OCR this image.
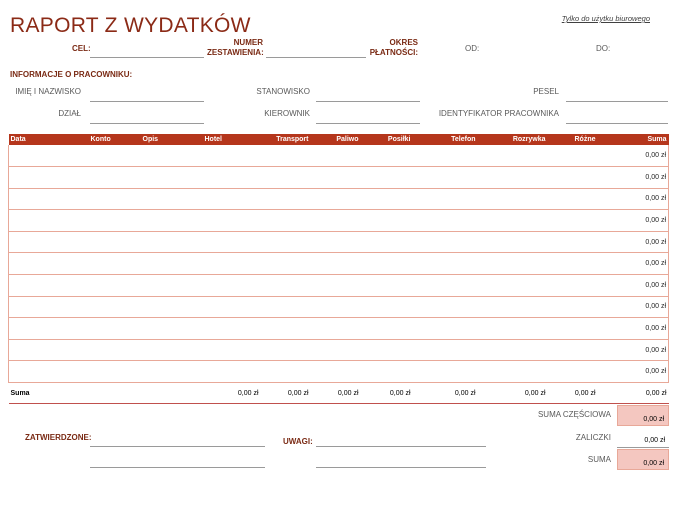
RAPORT Z WYDATKÓW	Tylko do użytku biurowego
CEL:
NUMER
ZESTAWIENIA:
OKRES
PŁATNOŚCI:	OD:	DO:
INFORMACJE O PRACOWNIKU:
IMIĘ I NAZWISKO	STANOWISKO	PESEL
DZIAŁ	KIEROWNIK	IDENTYFIKATOR PRACOWNIKA
Data	Konto	Opis	Hotel	Transport	Paliwo	Posiłki	Telefon	Rozrywka	Różne	Suma
										0,00 zł
										0,00 zł
										0,00 zł
										0,00 zł
										0,00 zł
										0,00 zł
										0,00 zł
										0,00 zł
										0,00 zł
										0,00 zł
										0,00 zł
Suma			0,00 zł	0,00 zł	0,00 zł	0,00 zł	0,00 zł	0,00 zł	0,00 zł	0,00 zł
SUMA CZĘŚCIOWA
0,00 zł
ZALICZKI	0,00 zł
SUMA	0,00 zł
ZATWIERDZONE:	UWAGI:
